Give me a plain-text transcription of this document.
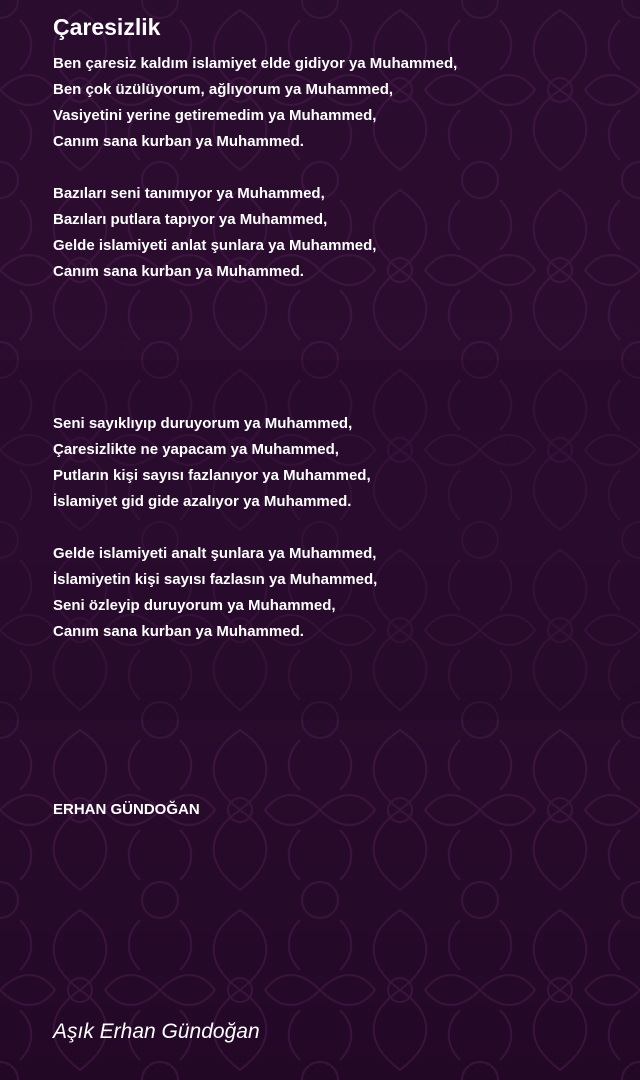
Çaresizlik
Ben çaresiz kaldım islamiyet elde gidiyor ya Muhammed,
Ben çok üzülüyorum, ağlıyorum ya Muhammed,
Vasiyetini yerine getiremedim ya Muhammed,
Canım sana kurban ya Muhammed.
Bazıları seni tanımıyor ya Muhammed,
Bazıları putlara tapıyor ya Muhammed,
Gelde islamiyeti anlat şunlara ya Muhammed,
Canım sana kurban ya Muhammed.
Seni sayıklıyıp duruyorum ya Muhammed,
Çaresizlikte ne yapacam ya Muhammed,
Putların kişi sayısı fazlanıyor ya Muhammed,
İslamiyet gid gide azalıyor ya Muhammed.
Gelde islamiyeti analt şunlara ya Muhammed,
İslamiyetin kişi sayısı fazlasın ya Muhammed,
Seni özleyip duruyorum ya Muhammed,
Canım sana kurban ya Muhammed.
ERHAN GÜNDOĞAN
Aşık Erhan Gündoğan
